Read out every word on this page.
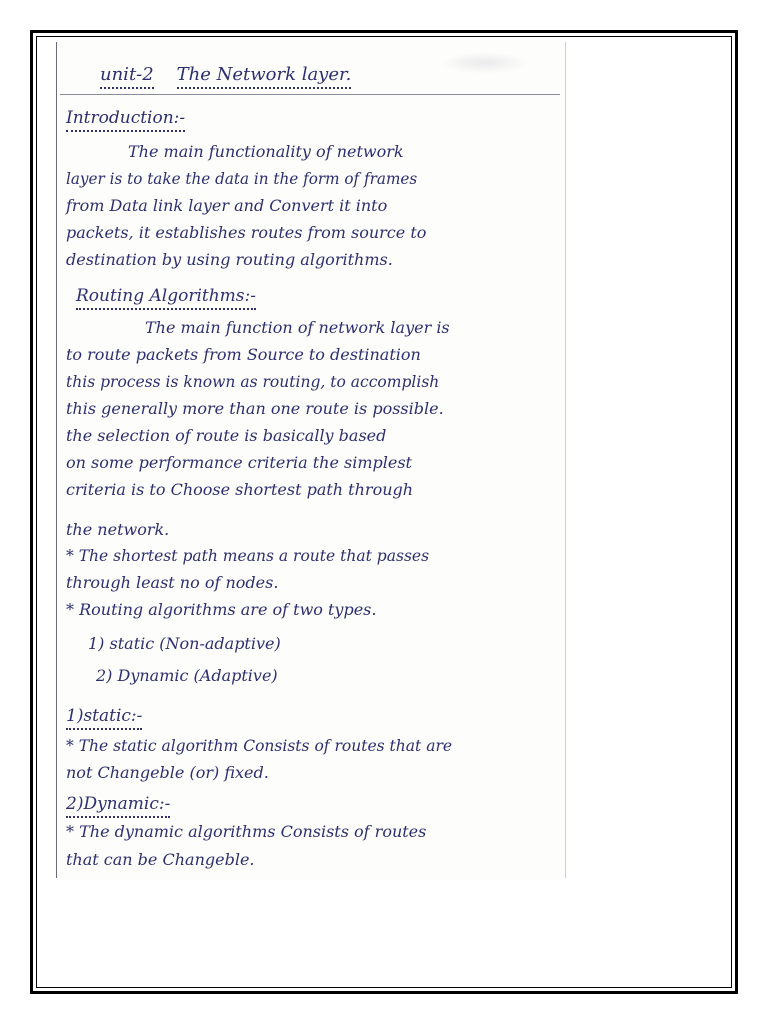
unit-2 The Network layer.
Introduction:-
The main functionality of network
layer is to take the data in the form of frames
from Data link layer and Convert it into
packets, it establishes routes from source to
destination by using routing algorithms.
Routing Algorithms:-
The main function of network layer is
to route packets from Source to destination
this process is known as routing, to accomplish
this generally more than one route is possible.
the selection of route is basically based
on some performance criteria the simplest
criteria is to Choose shortest path through
the network.
* The shortest path means a route that passes
through least no of nodes.
* Routing algorithms are of two types.
1) static (Non-adaptive)
2) Dynamic (Adaptive)
1)static:-
* The static algorithm Consists of routes that are
not Changeble (or) fixed.
2)Dynamic:-
* The dynamic algorithms Consists of routes
that can be Changeble.
